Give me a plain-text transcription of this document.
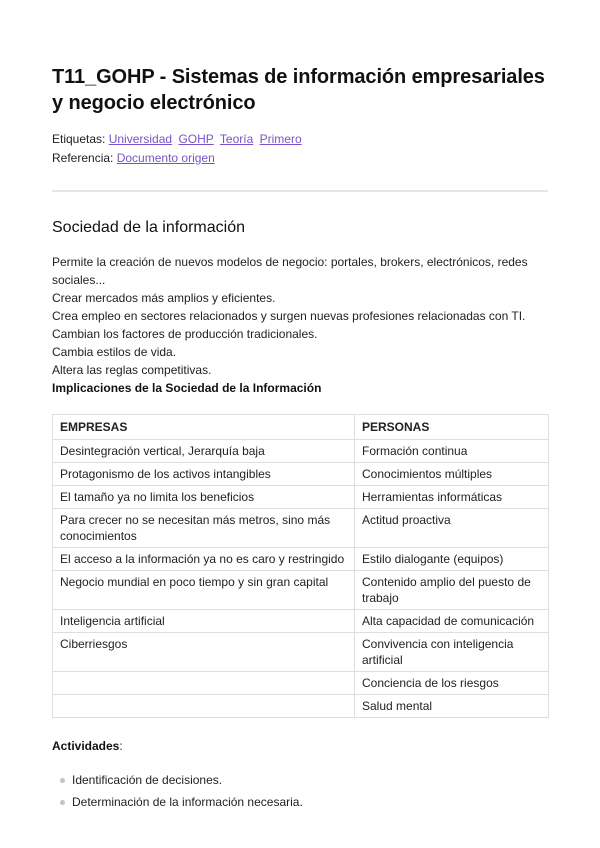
T11_GOHP - Sistemas de información empresariales y negocio electrónico
Etiquetas: Universidad GOHP Teoría Primero
Referencia: Documento origen
Sociedad de la información
Permite la creación de nuevos modelos de negocio: portales, brokers, electrónicos, redes sociales...
Crear mercados más amplios y eficientes.
Crea empleo en sectores relacionados y surgen nuevas profesiones relacionadas con TI.
Cambian los factores de producción tradicionales.
Cambia estilos de vida.
Altera las reglas competitivas.
Implicaciones de la Sociedad de la Información
EMPRESAS	PERSONAS
Desintegración vertical, Jerarquía baja	Formación continua
Protagonismo de los activos intangibles	Conocimientos múltiples
El tamaño ya no limita los beneficios	Herramientas informáticas
Para crecer no se necesitan más metros, sino más conocimientos	Actitud proactiva
El acceso a la información ya no es caro y restringido	Estilo dialogante (equipos)
Negocio mundial en poco tiempo y sin gran capital	Contenido amplio del puesto de trabajo
Inteligencia artificial	Alta capacidad de comunicación
Ciberriesgos	Convivencia con inteligencia artificial
	Conciencia de los riesgos
	Salud mental
Actividades:
Identificación de decisiones.
Determinación de la información necesaria.
